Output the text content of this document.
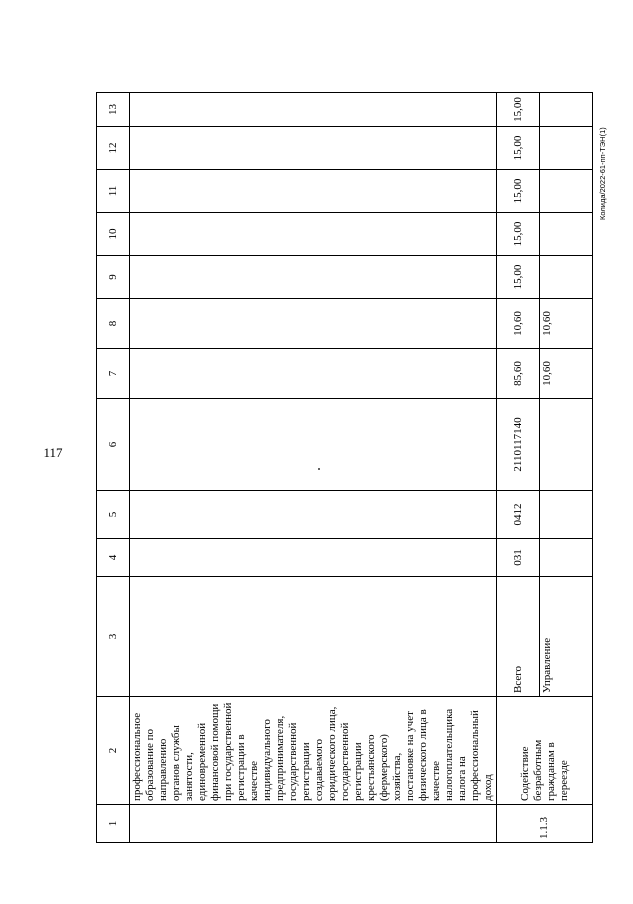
117
Колида/2022-61-пп-ТЭН(1)
1	2	3	4	5	6	7	8	9	10	11	12	13
	профессиональное образование по направлению органов службы занятости, единовременной финансовой помощи при государственной регистрации в качестве индивидуального предпринимателя, государственной регистрации создаваемого юридического лица, государственной регистрации крестьянского (фермерского) хозяйства, постановке на учет физического лица в качестве налогоплательщика налога на профессиональный доход											
1.1.3	Содействие безработным гражданам в переезде	Всего	031	0412	2110117140	85,60	10,60	15,00	15,00	15,00	15,00	15,00
		Управление				10,60	10,60					
